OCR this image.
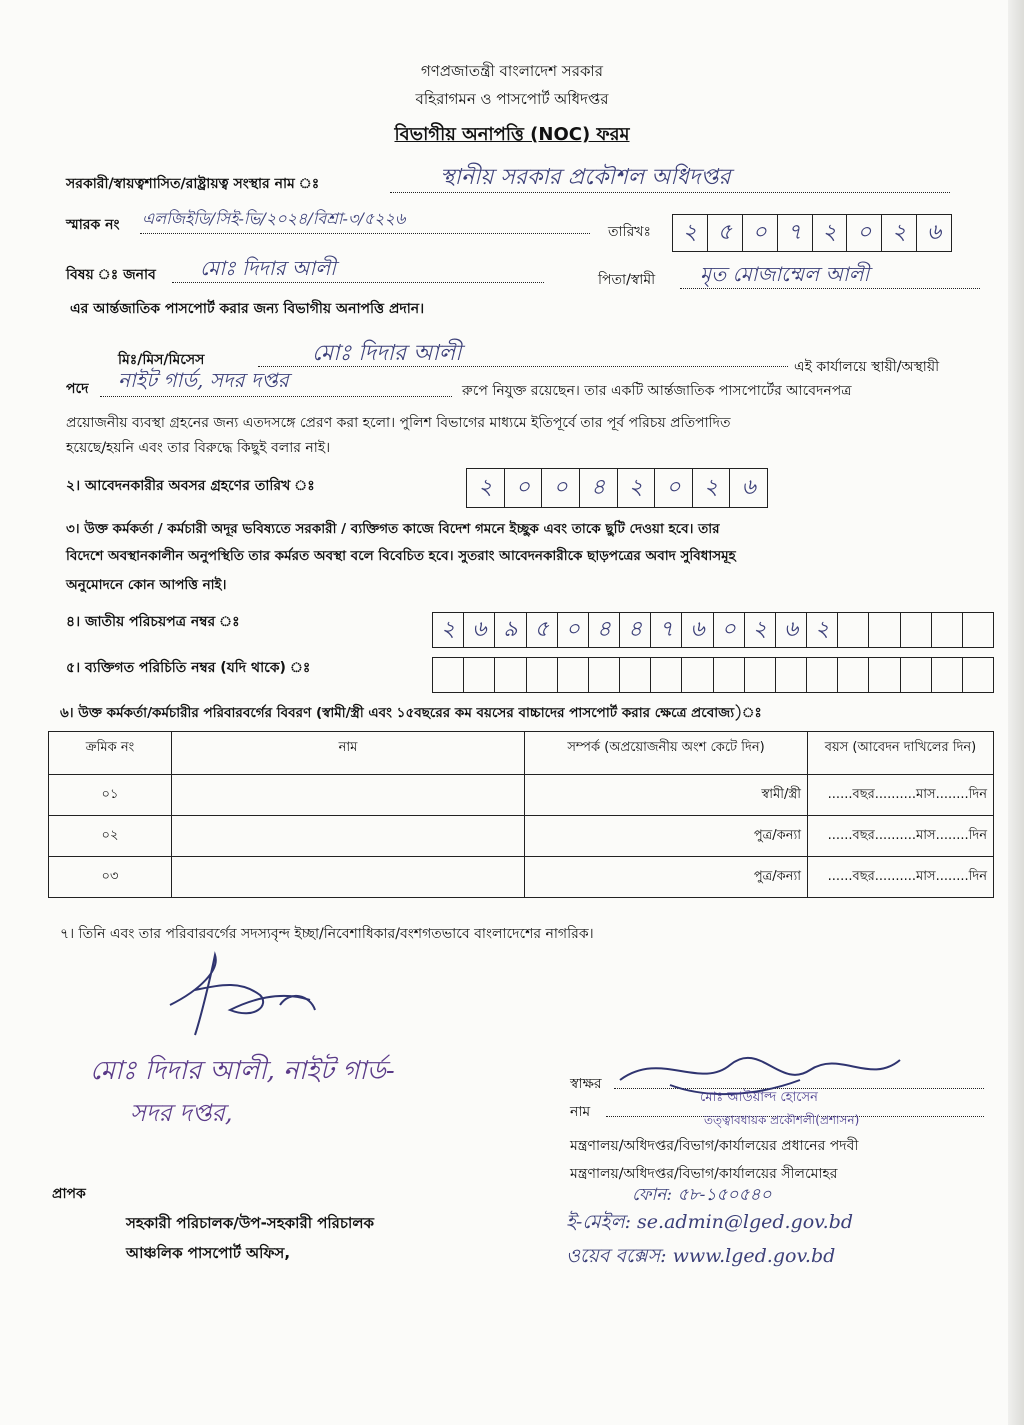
গণপ্রজাতন্ত্রী বাংলাদেশ সরকার
বহিরাগমন ও পাসপোর্ট অধিদপ্তর
বিভাগীয় অনাপত্তি (NOC) ফরম
সরকারী/স্বায়ত্বশাসিত/রাষ্ট্রায়ত্ব সংস্থার নাম ঃ	স্থানীয় সরকার প্রকৌশল অধিদপ্তর
স্মারক নং এলজিইডি/সিই-ভি/২০২৪/বিশ্রা-৩/৫২২৬
তারিখঃ	২ ৫ ০ ৭ ২ ০ ২ ৬
বিষয় ঃ জনাব মোঃ দিদার আলী	পিতা/স্বামী মৃত মোজাম্মেল আলী
এর আর্ন্তজাতিক পাসপোর্ট করার জন্য বিভাগীয় অনাপত্তি প্রদান।
মিঃ/মিস/মিসেস	মোঃ দিদার আলী
এই কার্যালয়ে স্থায়ী/অস্থায়ী
পদে নাইট গার্ড, সদর দপ্তর	রুপে নিযুক্ত রয়েছেন। তার একটি আর্ন্তজাতিক পাসপোর্টের আবেদনপত্র
প্রয়োজনীয় ব্যবস্থা গ্রহনের জন্য এতদসঙ্গে প্রেরণ করা হলো। পুলিশ বিভাগের মাধ্যমে ইতিপূর্বে তার পূর্ব পরিচয় প্রতিপাদিত
হয়েছে/হয়নি এবং তার বিরুদ্ধে কিছুই বলার নাই।
২। আবেদনকারীর অবসর গ্রহণের তারিখ ঃ	২	০	০	৪	২	০	২	৬
৩। উক্ত কর্মকর্তা / কর্মচারী অদূর ভবিষ্যতে সরকারী / ব্যক্তিগত কাজে বিদেশ গমনে ইচ্ছুক এবং তাকে ছুটি দেওয়া হবে। তার
বিদেশে অবস্থানকালীন অনুপস্থিতি তার কর্মরত অবস্থা বলে বিবেচিত হবে। সুতরাং আবেদনকারীকে ছাড়পত্রের অবাদ সুবিধাসমূহ
অনুমোদনে কোন আপত্তি নাই।
৪। জাতীয় পরিচয়পত্র নম্বর ঃ	২ ৬ ৯ ৫ ০ ৪ ৪ ৭ ৬ ০ ২ ৬ ২
৫। ব্যক্তিগত পরিচিতি নম্বর (যদি থাকে) ঃ
৬। উক্ত কর্মকর্তা/কর্মচারীর পরিবারবর্গের বিবরণ (স্বামী/স্ত্রী এবং ১৫বছরের কম বয়সের বাচ্চাদের পাসপোর্ট করার ক্ষেত্রে প্রবোজ্য)ঃ
ক্রমিক নং	নাম	সম্পর্ক (অপ্রয়োজনীয় অংশ কেটে দিন)	বয়স (আবেদন দাখিলের দিন)
০১		স্বামী/স্ত্রী	......বছর..........মাস........দিন
০২		পুত্র/কন্যা	......বছর..........মাস........দিন
০৩		পুত্র/কন্যা	......বছর..........মাস........দিন
৭। তিনি এবং তার পরিবারবর্গের সদস্যবৃন্দ ইচ্ছা/নিবেশাধিকার/বংশগতভাবে বাংলাদেশের নাগরিক।
মোঃ দিদার আলী, নাইট গার্ড-
সদর দপ্তর,
স্বাক্ষর
মোঃ আউয়াল্দ হোসেন
নাম	তত্ত্বাবধায়ক প্রকৌশলী(প্রশাসন)
মন্ত্রণালয়/অধিদপ্তর/বিভাগ/কার্যালয়ের প্রধানের পদবী
মন্ত্রণালয়/অধিদপ্তর/বিভাগ/কার্যালয়ের সীলমোহর
ফোন: ৫৮-১৫০৫৪০
ই-মেইল: se.admin@lged.gov.bd
ওয়েব বক্সেস: www.lged.gov.bd
প্রাপক
সহকারী পরিচালক/উপ-সহকারী পরিচালক
আঞ্চলিক পাসপোর্ট অফিস,
